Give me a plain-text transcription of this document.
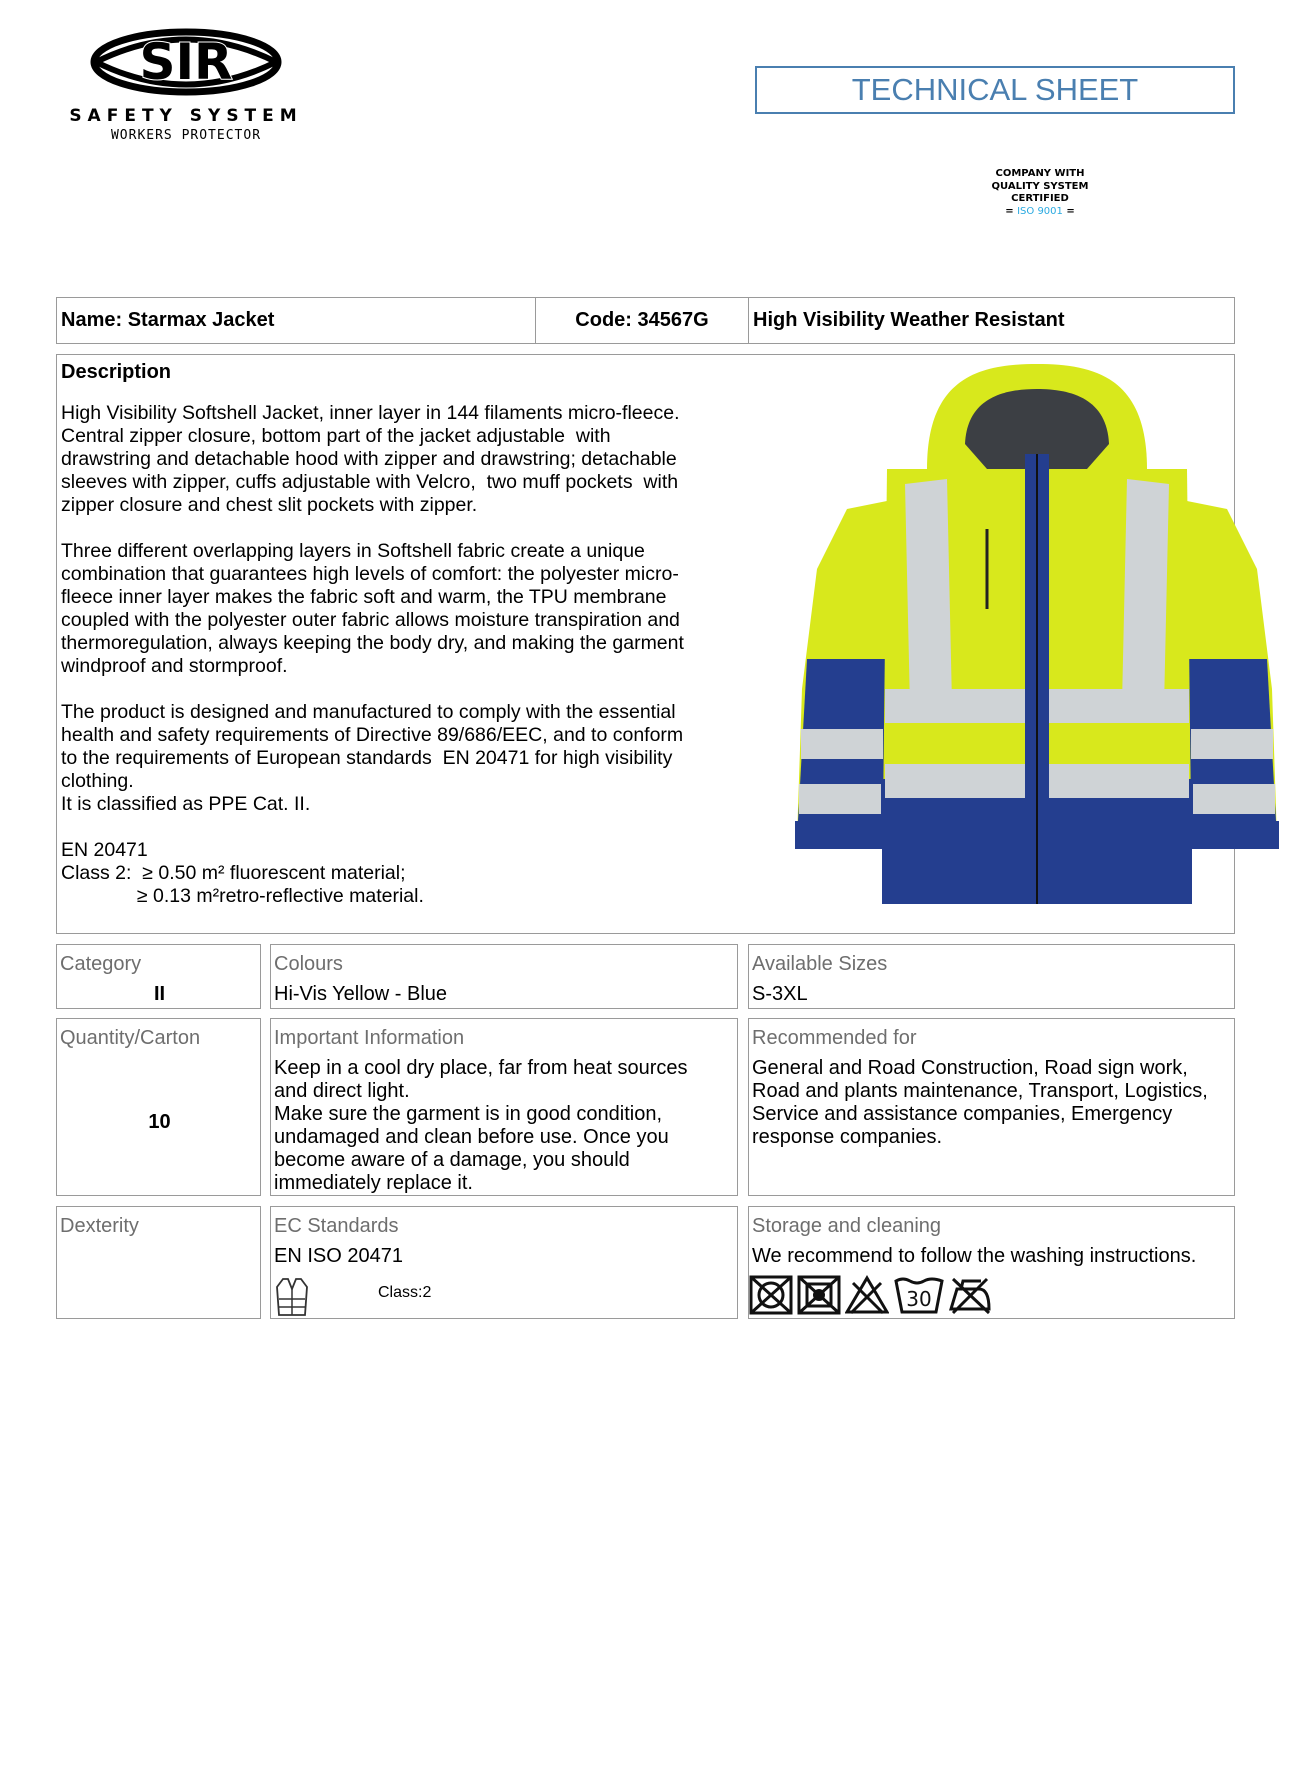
SIR
SAFETY SYSTEM
WORKERS PROTECTOR
TECHNICAL SHEET
COMPANY WITH
QUALITY SYSTEM
CERTIFIED
= ISO 9001 =
Name: Starmax Jacket	Code: 34567G	High Visibility Weather Resistant
Description
High Visibility Softshell Jacket, inner layer in 144 filaments micro-fleece.
Central zipper closure, bottom part of the jacket adjustable  with
drawstring and detachable hood with zipper and drawstring; detachable
sleeves with zipper, cuffs adjustable with Velcro,  two muff pockets  with
zipper closure and chest slit pockets with zipper.
Three different overlapping layers in Softshell fabric create a unique
combination that guarantees high levels of comfort: the polyester micro-
fleece inner layer makes the fabric soft and warm, the TPU membrane
coupled with the polyester outer fabric allows moisture transpiration and
thermoregulation, always keeping the body dry, and making the garment
windproof and stormproof.
The product is designed and manufactured to comply with the essential
health and safety requirements of Directive 89/686/EEC, and to conform
to the requirements of European standards  EN 20471 for high visibility
clothing.
It is classified as PPE Cat. II.
EN 20471
Class 2:  ≥ 0.50 m² fluorescent material;
≥ 0.13 m²retro-reflective material.
Category
II
Colours
Hi-Vis Yellow - Blue
Available Sizes
S-3XL
Quantity/Carton
10
Important Information
Keep in a cool dry place, far from heat sources
and direct light.
Make sure the garment is in good condition,
undamaged and clean before use. Once you
become aware of a damage, you should
immediately replace it.
Recommended for
General and Road Construction, Road sign work,
Road and plants maintenance, Transport, Logistics,
Service and assistance companies, Emergency
response companies.
Dexterity	EC Standards
EN ISO 20471
Class:2
Storage and cleaning
We recommend to follow the washing instructions.
30
